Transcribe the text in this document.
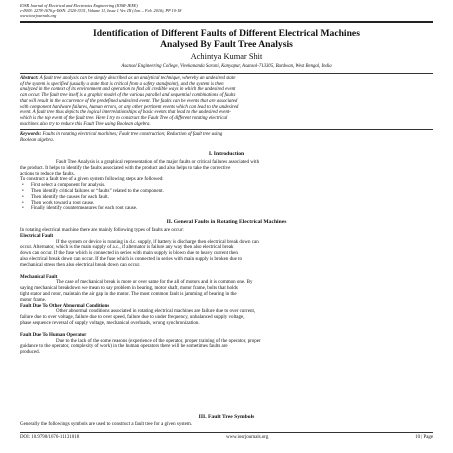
IOSR Journal of Electrical and Electronics Engineering (IOSR-JEEE)
e-ISSN: 2278-1676,p-ISSN: 2320-3331, Volume 11, Issue 1 Ver. III (Jan. – Feb. 2016), PP 10-18
www.iosrjournals.org
Identification of Different Faults of Different Electrical Machines
Analysed By Fault Tree Analysis
Achintya Kumar Shit
Asansol Engineering College, Vivekananda Sarani, Kanyapur, Asansol-713305, Burdwan, West Bengal, India
Abstract: A fault tree analysis can be simply described as an analytical technique, whereby an undesired state
of the system is specified (usually a state that is critical from a safety standpoint), and the system is then
analyzed in the context of its environment and operation to find all credible ways in which the undesired event
can occur. The fault tree itself is a graphic model of the various parallel and sequential combinations of faults
that will result in the occurrence of the predefined undesired event. The faults can be events that are associated
with component hardware failures, human errors, or any other pertinent events which can lead to the undesired
event. A fault tree thus depicts the logical interrelationships of basic events that lead to the undesired event-
which is the top event of the fault tree. Here I try to construct the Fault Tree of different rotating electrical
machines also try to reduce this Fault Tree using Boolean algebra.
Keywords: Faults in rotating electrical machines; Fault tree construction; Reduction of fault tree using
Boolean algebra.
I. Introduction
Fault Tree Analysis is a graphical representation of the major faults or critical failures associated with
the product. It helps to identify the faults associated with the product and also helps to take the corrective
actions to reduce the faults.
To construct a fault tree of a given system following steps are followed:
• First select a component for analysis.
• Then identify critical failures or “faults” related to the component.
• Then identify the causes for each fault.
• Then work toward a root cause.
• Finally identify countermeasures for each root cause.
II. General Faults in Rotating Electrical Machines
In rotating electrical machine there are mainly following types of faults are occur:
Electrical Fault
If the system or device is running in d.c. supply, if battery is discharge then electrical break down can
occur. Alternator, which is the main supply of a.c., if alternator is failure any way then also electrical break
down can occur. If the fuse which is connected in series with main supply is blown due to heavy current then
also electrical break down can occur. If the fuse which is connected in series with main supply is broken due to
mechanical stress then also electrical break down can occur.
Mechanical Fault
The case of mechanical break is more or over same for the all of motors and it is common one. By
saying mechanical breakdown we mean to say problem in bearing, motor shaft, motor frame, bolts that holds
tight stator and rotor, maintain the air gap in the motor. The most common fault is jamming of bearing in the
motor frame.
Fault Due To Other Abnormal Conditions
Other abnormal conditions associated in rotating electrical machines are failure due to over current,
failure due to over voltage, failure due to over speed, failure due to under frequency, unbalanced supply voltage,
phase sequence reversal of supply voltage, mechanical overloads, wrong synchronization.
Fault Due To Human Operator
Due to the lack of the some reasons (experience of the operator, proper training of the operator, proper
guidance to the operator, complexity of work) in the human operators there will be sometimes faults are
produced.
III. Fault Tree Symbols
Generally the followings symbols are used to construct a fault tree for a given system.
DOI: 10.9790/1676-11131018	www.iosrjournals.org	10 | Page
